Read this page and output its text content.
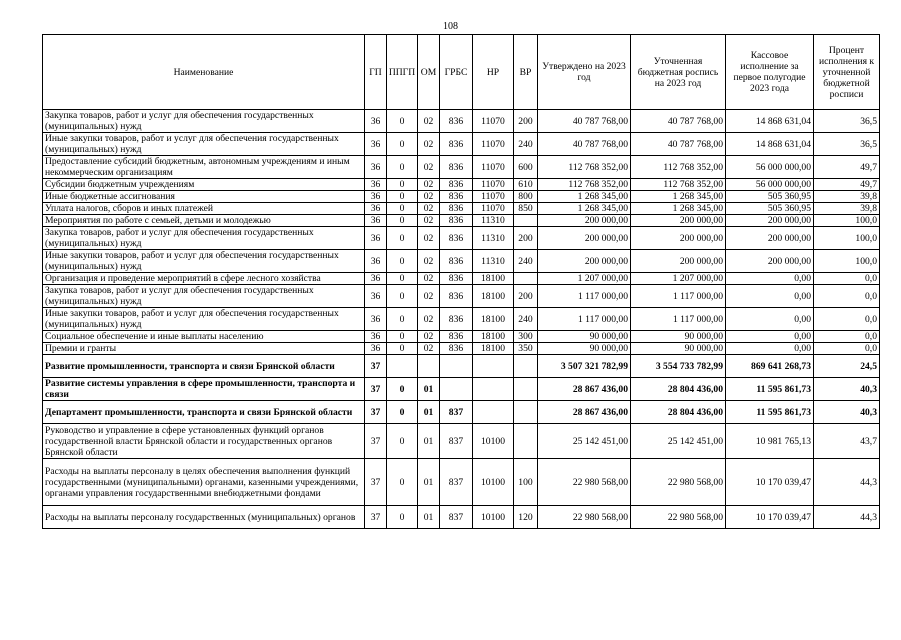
108
Наименование	ГП	ППГП	ОМ	ГРБС	НР	ВР	Утверждено на 2023 год	Уточненная бюджетная роспись на 2023 год	Кассовое исполнение за первое полугодие 2023 года	Процент исполнения к уточненной бюджетной росписи
Закупка товаров, работ и услуг для обеспечения государственных (муниципальных) нужд	36	0	02	836	11070	200	40 787 768,00	40 787 768,00	14 868 631,04	36,5
Иные закупки товаров, работ и услуг для обеспечения государственных (муниципальных) нужд	36	0	02	836	11070	240	40 787 768,00	40 787 768,00	14 868 631,04	36,5
Предоставление субсидий бюджетным, автономным учреждениям и иным некоммерческим организациям	36	0	02	836	11070	600	112 768 352,00	112 768 352,00	56 000 000,00	49,7
Субсидии бюджетным учреждениям	36	0	02	836	11070	610	112 768 352,00	112 768 352,00	56 000 000,00	49,7
Иные бюджетные ассигнования	36	0	02	836	11070	800	1 268 345,00	1 268 345,00	505 360,95	39,8
Уплата налогов, сборов и иных платежей	36	0	02	836	11070	850	1 268 345,00	1 268 345,00	505 360,95	39,8
Мероприятия по работе с семьей, детьми и молодежью	36	0	02	836	11310		200 000,00	200 000,00	200 000,00	100,0
Закупка товаров, работ и услуг для обеспечения государственных (муниципальных) нужд	36	0	02	836	11310	200	200 000,00	200 000,00	200 000,00	100,0
Иные закупки товаров, работ и услуг для обеспечения государственных (муниципальных) нужд	36	0	02	836	11310	240	200 000,00	200 000,00	200 000,00	100,0
Организация и проведение мероприятий в сфере лесного хозяйства	36	0	02	836	18100		1 207 000,00	1 207 000,00	0,00	0,0
Закупка товаров, работ и услуг для обеспечения государственных (муниципальных) нужд	36	0	02	836	18100	200	1 117 000,00	1 117 000,00	0,00	0,0
Иные закупки товаров, работ и услуг для обеспечения государственных (муниципальных) нужд	36	0	02	836	18100	240	1 117 000,00	1 117 000,00	0,00	0,0
Социальное обеспечение и иные выплаты населению	36	0	02	836	18100	300	90 000,00	90 000,00	0,00	0,0
Премии и гранты	36	0	02	836	18100	350	90 000,00	90 000,00	0,00	0,0
Развитие промышленности, транспорта и связи Брянской области	37						3 507 321 782,99	3 554 733 782,99	869 641 268,73	24,5
Развитие системы управления в сфере промышленности, транспорта и связи	37	0	01				28 867 436,00	28 804 436,00	11 595 861,73	40,3
Департамент промышленности, транспорта и связи Брянской области	37	0	01	837			28 867 436,00	28 804 436,00	11 595 861,73	40,3
Руководство и управление в сфере установленных функций органов государственной власти Брянской области и государственных органов Брянской области	37	0	01	837	10100		25 142 451,00	25 142 451,00	10 981 765,13	43,7
Расходы на выплаты персоналу в целях обеспечения выполнения функций государственными (муниципальными) органами, казенными учреждениями, органами управления государственными внебюджетными фондами	37	0	01	837	10100	100	22 980 568,00	22 980 568,00	10 170 039,47	44,3
Расходы на выплаты персоналу государственных (муниципальных) органов	37	0	01	837	10100	120	22 980 568,00	22 980 568,00	10 170 039,47	44,3
